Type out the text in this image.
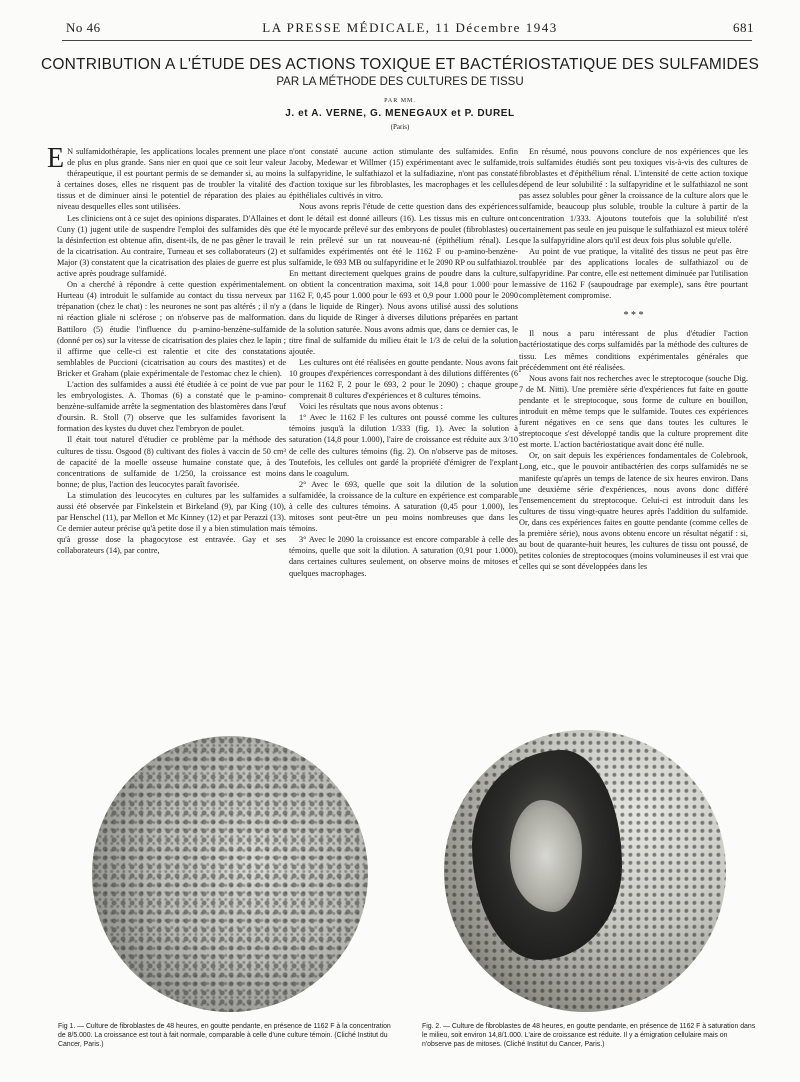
No 46	LA PRESSE MÉDICALE, 11 Décembre 1943	681
CONTRIBUTION A L'ÉTUDE DES ACTIONS TOXIQUE ET BACTÉRIOSTATIQUE DES SULFAMIDES
PAR LA MÉTHODE DES CULTURES DE TISSU
PAR MM.
J. et A. VERNE, G. MENEGAUX et P. DUREL
(Paris)

E N sulfamidothérapie, les applications locales prennent une place de plus en plus grande. Sans nier en quoi que ce soit leur valeur thérapeutique, il est pourtant permis de se demander si, au moins à certaines doses, elles ne risquent pas de troubler la vitalité des tissus et de diminuer ainsi le potentiel de réparation des plaies au niveau desquelles elles sont utilisées.

Les cliniciens ont à ce sujet des opinions disparates. D'Allaines et Cuny (1) jugent utile de suspendre l'emploi des sulfamides dès que la désinfection est obtenue afin, disent-ils, de ne pas gêner le travail de la cicatrisation. Au contraire, Turneau et ses collaborateurs (2) et Major (3) constatent que la cicatrisation des plaies de guerre est plus active après poudrage sulfamidé.

On a cherché à répondre à cette question expérimentalement. Hurteau (4) introduit le sulfamide au contact du tissu nerveux par trépanation (chez le chat) : les neurones ne sont pas altérés ; il n'y a ni réaction gliale ni sclérose ; on n'observe pas de malformation. Battiloro (5) étudie l'influence du p-amino-benzène-sulfamide (donné per os) sur la vitesse de cicatrisation des plaies chez le lapin ; il affirme que celle-ci est ralentie et cite des constatations semblables de Puccioni (cicatrisation au cours des mastites) et de Bricker et Graham (plaie expérimentale de l'estomac chez le chien).

L'action des sulfamides a aussi été étudiée à ce point de vue par les embryologistes. A. Thomas (6) a constaté que le p-amino-benzène-sulfamide arrête la segmentation des blastomères dans l'œuf d'oursin. R. Stoll (7) observe que les sulfamides favorisent la formation des kystes du duvet chez l'embryon de poulet.

Il était tout naturel d'étudier ce problème par la méthode des cultures de tissu. Osgood (8) cultivant des fioles à vaccin de 50 cm³ de capacité de la moelle osseuse humaine constate que, à des concentrations de sulfamide de 1/250, la croissance est moins bonne; de plus, l'action des leucocytes paraît favorisée.

La stimulation des leucocytes en cultures par les sulfamides a aussi été observée par Finkelstein et Birkeland (9), par King (10), par Henschel (11), par Mellon et Mc Kinney (12) et par Perazzi (13). Ce dernier auteur précise qu'à petite dose il y a bien stimulation mais qu'à grosse dose la phagocytose est entravée. Gay et ses collaborateurs (14), par contre,

n'ont constaté aucune action stimulante des sulfamides. Enfin Jacoby, Medewar et Willmer (15) expérimentant avec le sulfamide, la sulfapyridine, le sulfathiazol et la sulfadiazine, n'ont pas constaté d'action toxique sur les fibroblastes, les macrophages et les cellules épithéliales cultivés in vitro.

Nous avons repris l'étude de cette question dans des expériences dont le détail est donné ailleurs (16). Les tissus mis en culture ont été le myocarde prélevé sur des embryons de poulet (fibroblastes) ou le rein prélevé sur un rat nouveau-né (épithélium rénal). Les sulfamides expérimentés ont été le 1162 F ou p-amino-benzène-sulfamide, le 693 MB ou sulfapyridine et le 2090 RP ou sulfathiazol. En mettant directement quelques grains de poudre dans la culture, on obtient la concentration maxima, soit 14,8 pour 1.000 pour le 1162 F, 0,45 pour 1.000 pour le 693 et 0,9 pour 1.000 pour le 2090 (dans le liquide de Ringer). Nous avons utilisé aussi des solutions dans du liquide de Ringer à diverses dilutions préparées en partant de la solution saturée. Nous avons admis que, dans ce dernier cas, le titre final de sulfamide du milieu était le 1/3 de celui de la solution ajoutée.

Les cultures ont été réalisées en goutte pendante. Nous avons fait 10 groupes d'expériences correspondant à des dilutions différentes (6 pour le 1162 F, 2 pour le 693, 2 pour le 2090) ; chaque groupe comprenait 8 cultures d'expériences et 8 cultures témoins.

Voici les résultats que nous avons obtenus :

1° Avec le 1162 F les cultures ont poussé comme les cultures témoins jusqu'à la dilution 1/333 (fig. 1). Avec la solution à saturation (14,8 pour 1.000), l'aire de croissance est réduite aux 3/10 de celle des cultures témoins (fig. 2). On n'observe pas de mitoses. Toutefois, les cellules ont gardé la propriété d'émigrer de l'explant dans le coagulum.

2° Avec le 693, quelle que soit la dilution de la solution sulfamidée, la croissance de la culture en expérience est comparable à celle des cultures témoins. A saturation (0,45 pour 1.000), les mitoses sont peut-être un peu moins nombreuses que dans les témoins.

3° Avec le 2090 la croissance est encore comparable à celle des témoins, quelle que soit la dilution. A saturation (0,91 pour 1.000), dans certaines cultures seulement, on observe moins de mitoses et quelques macrophages.

En résumé, nous pouvons conclure de nos expériences que les trois sulfamides étudiés sont peu toxiques vis-à-vis des cultures de fibroblastes et d'épithélium rénal. L'intensité de cette action toxique dépend de leur solubilité : la sulfapyridine et le sulfathiazol ne sont pas assez solubles pour gêner la croissance de la culture alors que le sulfamide, beaucoup plus soluble, trouble la culture à partir de la concentration 1/333. Ajoutons toutefois que la solubilité n'est certainement pas seule en jeu puisque le sulfathiazol est mieux toléré que la sulfapyridine alors qu'il est deux fois plus soluble qu'elle.

Au point de vue pratique, la vitalité des tissus ne peut pas être troublée par des applications locales de sulfathiazol ou de sulfapyridine. Par contre, elle est nettement diminuée par l'utilisation massive de 1162 F (saupoudrage par exemple), sans être pourtant complètement compromise.

* * *

Il nous a paru intéressant de plus d'étudier l'action bactériostatique des corps sulfamidés par la méthode des cultures de tissu. Les mêmes conditions expérimentales générales que précédemment ont été réalisées.

Nous avons fait nos recherches avec le streptocoque (souche Dig. 7 de M. Nitti). Une première série d'expériences fut faite en goutte pendante et le streptocoque, sous forme de culture en bouillon, introduit en même temps que le sulfamide. Toutes ces expériences furent négatives en ce sens que dans toutes les cultures le streptocoque s'est développé tandis que la culture proprement dite est morte. L'action bactériostatique avait donc été nulle.

Or, on sait depuis les expériences fondamentales de Colebrook, Long, etc., que le pouvoir antibactérien des corps sulfamidés ne se manifeste qu'après un temps de latence de six heures environ. Dans une deuxième série d'expériences, nous avons donc différé l'ensemencement du streptocoque. Celui-ci est introduit dans les cultures de tissu vingt-quatre heures après l'addition du sulfamide. Or, dans ces expériences faites en goutte pendante (comme celles de la première série), nous avons obtenu encore un résultat négatif : si, au bout de quarante-huit heures, les cultures de tissu ont poussé, de petites colonies de streptocoques (moins volumineuses il est vrai que celles qui se sont développées dans les

Fig 1. — Culture de fibroblastes de 48 heures, en goutte pendante, en présence de 1162 F à la concentration de 8/5.000. La croissance est tout à fait normale, comparable à celle d'une culture témoin. (Cliché Institut du Cancer, Paris.)
Fig. 2. — Culture de fibroblastes de 48 heures, en goutte pendante, en présence de 1162 F à saturation dans le milieu, soit environ 14,8/1.000. L'aire de croissance est réduite. Il y a émigration cellulaire mais on n'observe pas de mitoses. (Cliché Institut du Cancer, Paris.)
